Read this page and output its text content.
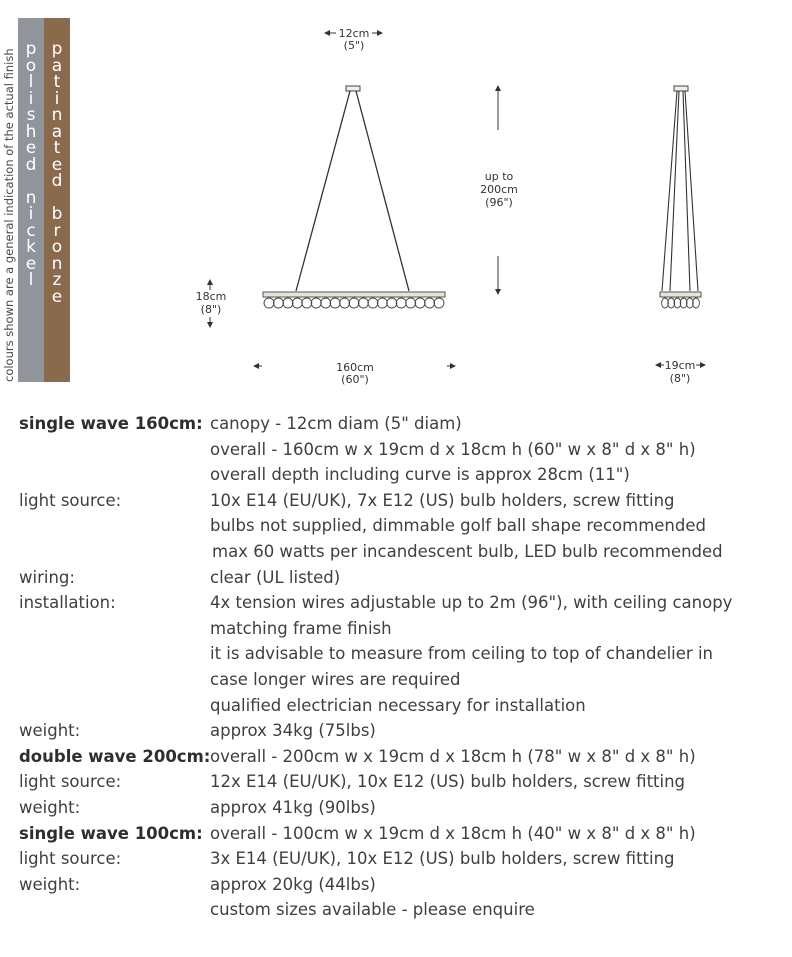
colours shown are a general indication of the actual finish p
o
l
i
s
h
e
d
n
i
c
k
e
l
p
a
t
i
n
a
t
e
d
b
r
o
n
z
e
12cm
(5")
up to
200cm
(96")
18cm
(8")
160cm
(60")
19cm
(8")
single wave 160cm: canopy - 12cm diam (5" diam)
overall - 160cm w x 19cm d x 18cm h (60" w x 8" d x 8" h)
overall depth including curve is approx 28cm (11")
light source:	10x E14 (EU/UK), 7x E12 (US) bulb holders, screw fitting
bulbs not supplied, dimmable golf ball shape recommended
max 60 watts per incandescent bulb, LED bulb recommended
wiring:	clear (UL listed)
installation:	4x tension wires adjustable up to 2m (96"), with ceiling canopy
matching frame finish
it is advisable to measure from ceiling to top of chandelier in
case longer wires are required
qualified electrician necessary for installation
weight:	approx 34kg (75lbs)
double wave 200cm: overall - 200cm w x 19cm d x 18cm h (78" w x 8" d x 8" h)
light source:	12x E14 (EU/UK), 10x E12 (US) bulb holders, screw fitting
weight:	approx 41kg (90lbs)
single wave 100cm: overall - 100cm w x 19cm d x 18cm h (40" w x 8" d x 8" h)
light source:	3x E14 (EU/UK), 10x E12 (US) bulb holders, screw fitting
weight:	approx 20kg (44lbs)
custom sizes available - please enquire
